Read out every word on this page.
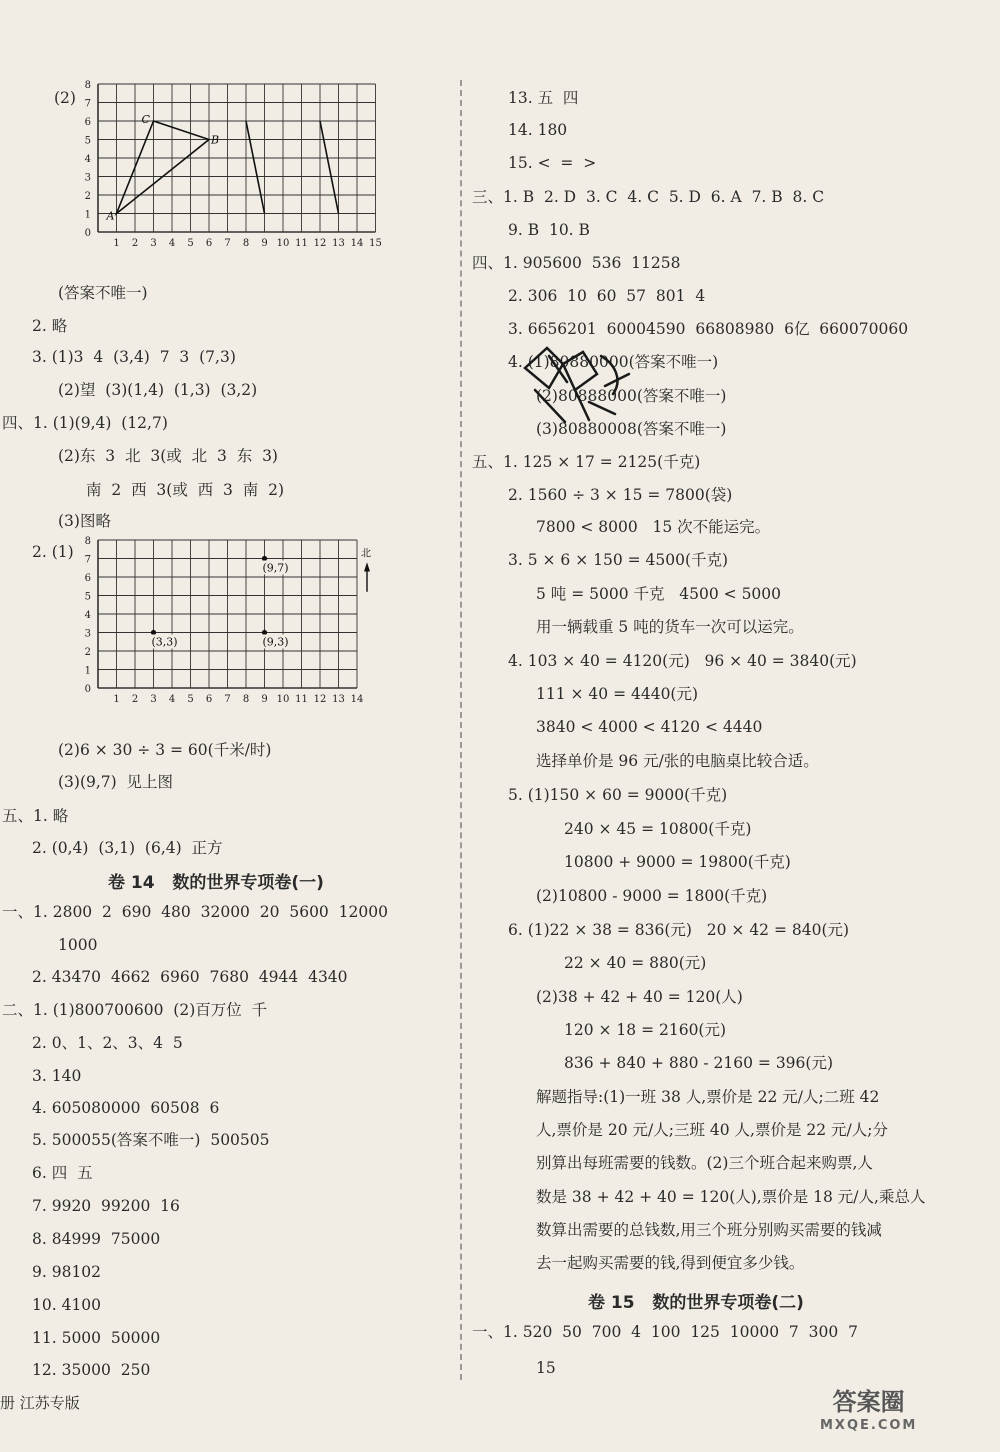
(2)
(答案不唯一)
2. 略
3. (1)3  4  (3,4)  7  3  (7,3)
(2)望  (3)(1,4)  (1,3)  (3,2)
四、1. (1)(9,4)  (12,7)
(2)东  3  北  3(或  北  3  东  3)
南  2  西  3(或  西  3  南  2)
(3)图略
2. (1)
(2)6 × 30 ÷ 3 = 60(千米/时)
(3)(9,7)  见上图
五、1. 略
2. (0,4)  (3,1)  (6,4)  正方
一、1. 2800  2  690  480  32000  20  5600  12000
1000
2. 43470  4662  6960  7680  4944  4340
二、1. (1)800700600  (2)百万位  千
2. 0、1、2、3、4  5
3. 140
4. 605080000  60508  6
5. 500055(答案不唯一)  500505
6. 四  五
7. 9920  99200  16
8. 84999  75000
9. 98102
10. 4100
11. 5000  50000
12. 35000  250
13. 五  四
14. 180
15. <  =  >
三、1. B  2. D  3. C  4. C  5. D  6. A  7. B  8. C
9. B  10. B
四、1. 905600  536  11258
2. 306  10  60  57  801  4
3. 6656201  60004590  66808980  6亿  660070060
4. (1)80880000(答案不唯一)
(2)80888000(答案不唯一)
(3)80880008(答案不唯一)
五、1. 125 × 17 = 2125(千克)
2. 1560 ÷ 3 × 15 = 7800(袋)
7800 < 8000   15 次不能运完。
3. 5 × 6 × 150 = 4500(千克)
5 吨 = 5000 千克   4500 < 5000
用一辆载重 5 吨的货车一次可以运完。
4. 103 × 40 = 4120(元)   96 × 40 = 3840(元)
111 × 40 = 4440(元)
3840 < 4000 < 4120 < 4440
选择单价是 96 元/张的电脑桌比较合适。
5. (1)150 × 60 = 9000(千克)
240 × 45 = 10800(千克)
10800 + 9000 = 19800(千克)
(2)10800 - 9000 = 1800(千克)
6. (1)22 × 38 = 836(元)   20 × 42 = 840(元)
22 × 40 = 880(元)
(2)38 + 42 + 40 = 120(人)
120 × 18 = 2160(元)
836 + 840 + 880 - 2160 = 396(元)
解题指导:(1)一班 38 人,票价是 22 元/人;二班 42
人,票价是 20 元/人;三班 40 人,票价是 22 元/人;分
别算出每班需要的钱数。(2)三个班合起来购票,人
数是 38 + 42 + 40 = 120(人),票价是 18 元/人,乘总人
数算出需要的总钱数,用三个班分别购买需要的钱减
去一起购买需要的钱,得到便宜多少钱。
一、1. 520  50  700  4  100  125  10000  7  300  7
15
卷 14   数的世界专项卷(一)
卷 15   数的世界专项卷(二)
1 2 3 4 5 6 7 8 9 10 11 12 13 14 15
1
2
3
4
5
6
7
8
0
A
B
C
1 2 3 4 5 6 7 8 9 10 11 12 13 14
1
2
3
4
5
6
7
8
0
(9,7)
(3,3)	(9,3)
北
册 江苏专版	答案圈
MXQE.COM
